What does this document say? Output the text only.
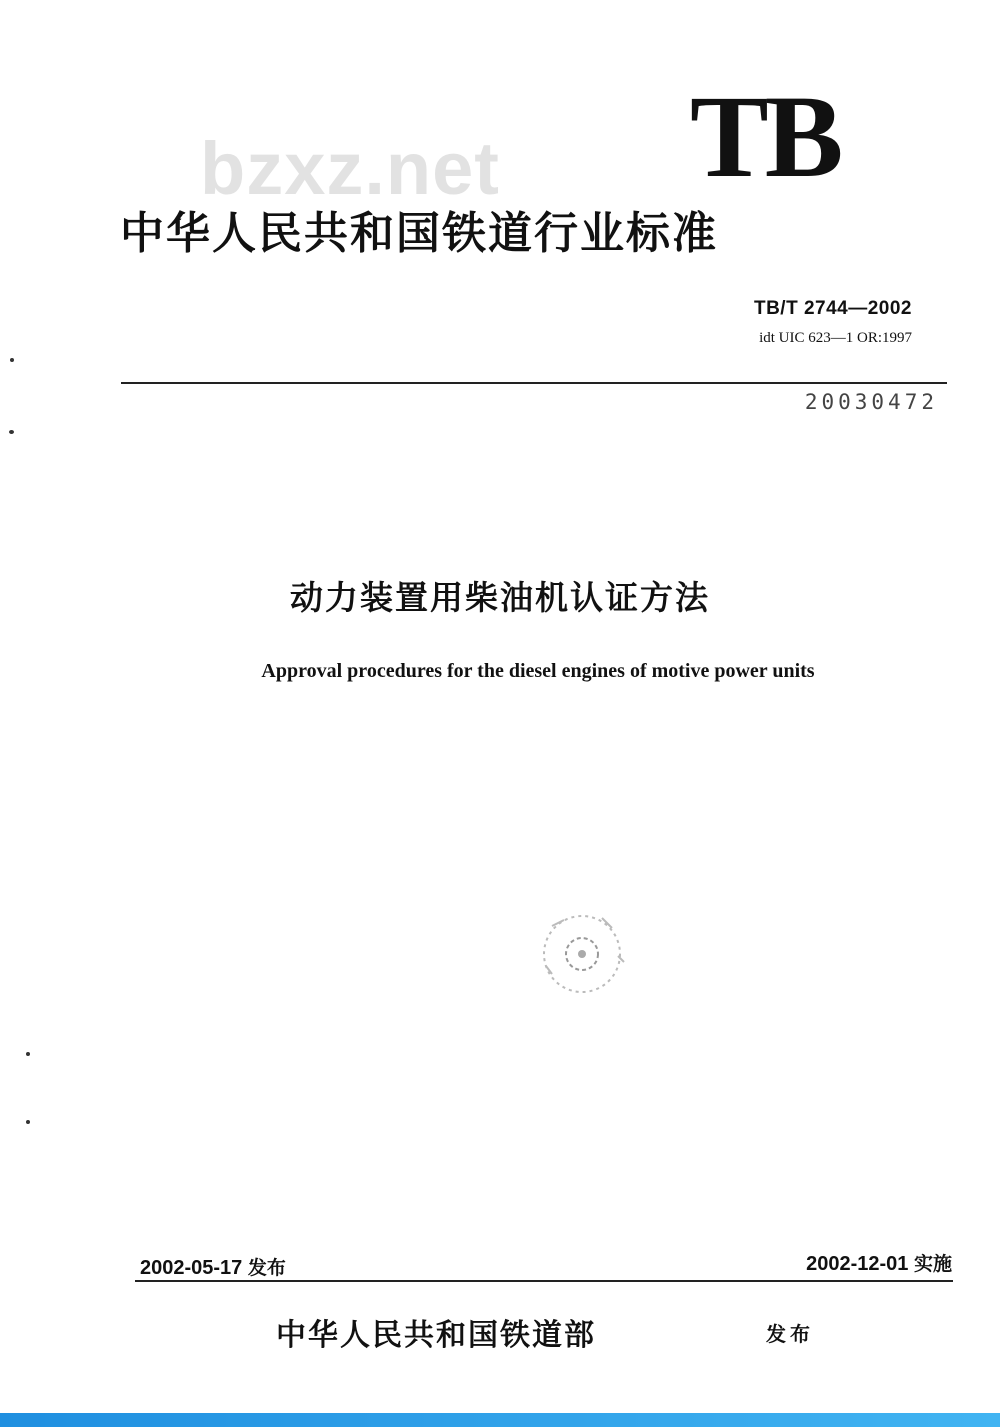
bzxz.net TB
中华人民共和国铁道行业标准
TB/T 2744—2002
idt UIC 623—1 OR:1997
20030472
动力装置用柴油机认证方法
Approval procedures for the diesel engines of motive power units
2002-05-17 发布	2002-12-01 实施
中华人民共和国铁道部	发布
